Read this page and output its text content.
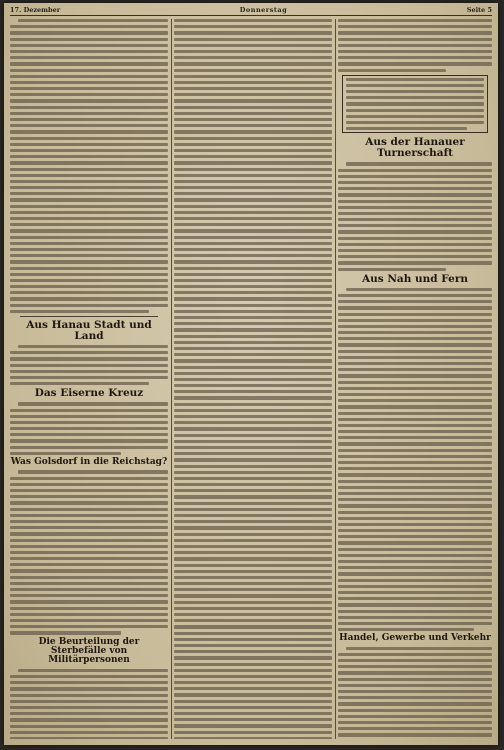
17. Dezember	Donnerstag	Seite 5
Aus Hanau Stadt und Land
Das Eiserne Kreuz
Was Golsdorf in die Reichstag?
Die Beurteilung der Sterbefälle von Militärpersonen
Aus der Hanauer Turnerschaft
Aus Nah und Fern
Handel, Gewerbe und Verkehr
